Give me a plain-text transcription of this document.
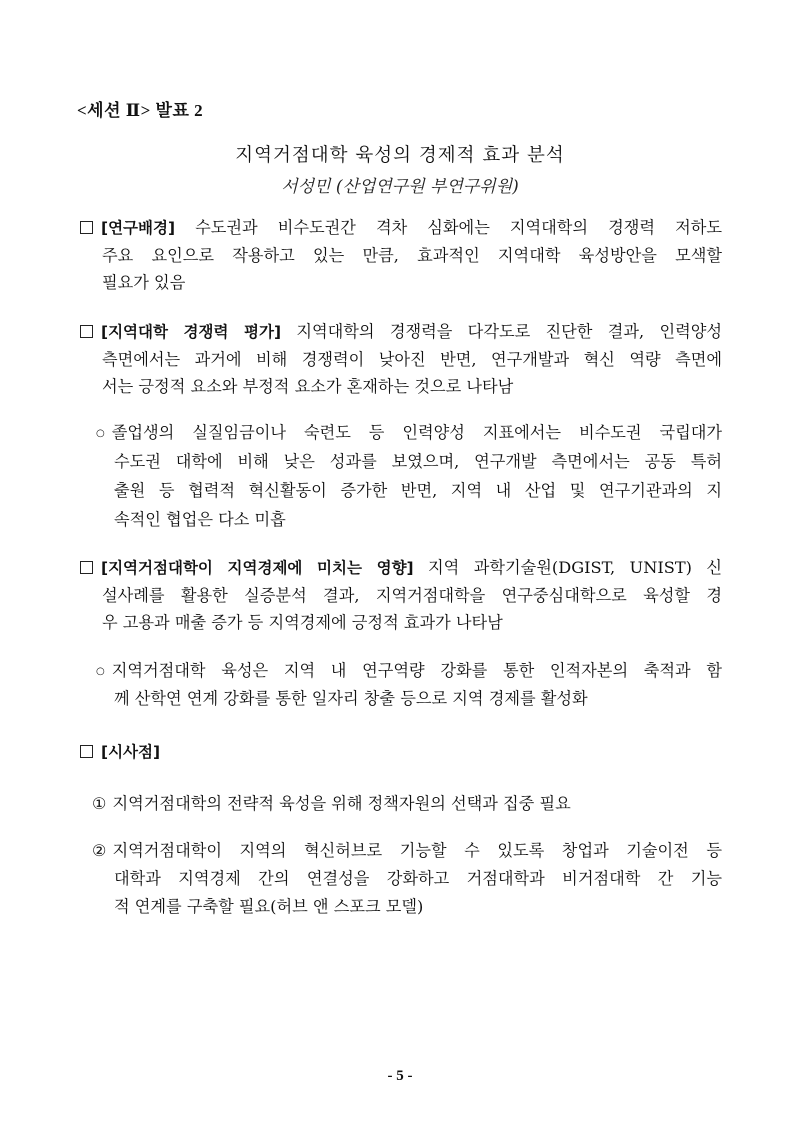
<세션 Ⅱ> 발표 2
지역거점대학 육성의 경제적 효과 분석
서성민 (산업연구원 부연구위원)
[연구배경] 수도권과 비수도권간 격차 심화에는 지역대학의 경쟁력 저하도
주요 요인으로 작용하고 있는 만큼, 효과적인 지역대학 육성방안을 모색할
필요가 있음
[지역대학 경쟁력 평가] 지역대학의 경쟁력을 다각도로 진단한 결과, 인력양성
측면에서는 과거에 비해 경쟁력이 낮아진 반면, 연구개발과 혁신 역량 측면에
서는 긍정적 요소와 부정적 요소가 혼재하는 것으로 나타남
○ 졸업생의 실질임금이나 숙련도 등 인력양성 지표에서는 비수도권 국립대가
수도권 대학에 비해 낮은 성과를 보였으며, 연구개발 측면에서는 공동 특허
출원 등 협력적 혁신활동이 증가한 반면, 지역 내 산업 및 연구기관과의 지
속적인 협업은 다소 미흡
[지역거점대학이 지역경제에 미치는 영향] 지역 과학기술원(DGIST, UNIST) 신
설사례를 활용한 실증분석 결과, 지역거점대학을 연구중심대학으로 육성할 경
우 고용과 매출 증가 등 지역경제에 긍정적 효과가 나타남
○ 지역거점대학 육성은 지역 내 연구역량 강화를 통한 인적자본의 축적과 함
께 산학연 연계 강화를 통한 일자리 창출 등으로 지역 경제를 활성화
[시사점]
① 지역거점대학의 전략적 육성을 위해 정책자원의 선택과 집중 필요
② 지역거점대학이 지역의 혁신허브로 기능할 수 있도록 창업과 기술이전 등
대학과 지역경제 간의 연결성을 강화하고 거점대학과 비거점대학 간 기능
적 연계를 구축할 필요(허브 앤 스포크 모델)
- 5 -
